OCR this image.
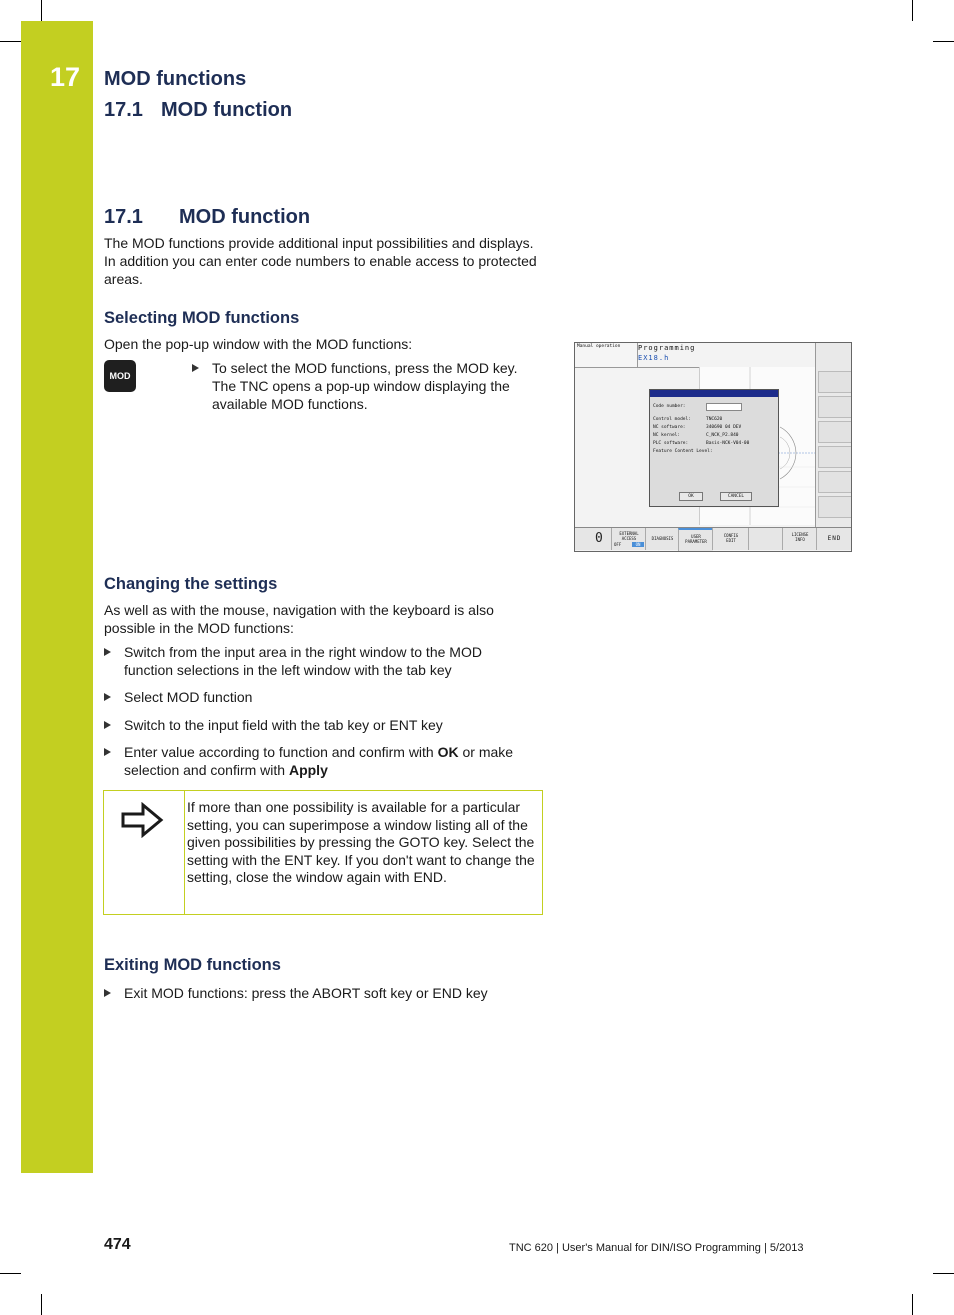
17 MOD functions
17.1 MOD function
17.1 MOD function
The MOD functions provide additional input possibilities and displays. In addition you can enter code numbers to enable access to protected areas.
Selecting MOD functions
Open the pop-up window with the MOD functions:
MOD	To select the MOD functions, press the MOD key. The TNC opens a pop-up window displaying the available MOD functions.
Manual operation	Programming
EX18.h
Code number:
Control model:	TNC620
NC software:	340690 04 DEV
NC kernel:	C_NCK_P2.840
PLC software:	Basis-NCK-V04-00
Feature Content Level:
OK	CANCEL
0	EXTERNAL
ACCESS
OFF	ON
DIAGNOSIS	USER
PARAMETER
CONFIG
EDIT
LICENSE
INFO	END
Changing the settings
As well as with the mouse, navigation with the keyboard is also possible in the MOD functions:
Switch from the input area in the right window to the MOD function selections in the left window with the tab key
Select MOD function
Switch to the input field with the tab key or ENT key
Enter value according to function and confirm with OK or make selection and confirm with Apply
If more than one possibility is available for a particular setting, you can superimpose a window listing all of the given possibilities by pressing the GOTO key. Select the setting with the ENT key. If you don't want to change the setting, close the window again with END.
Exiting MOD functions
Exit MOD functions: press the ABORT soft key or END key
474	TNC 620 | User's Manual for DIN/ISO Programming | 5/2013
